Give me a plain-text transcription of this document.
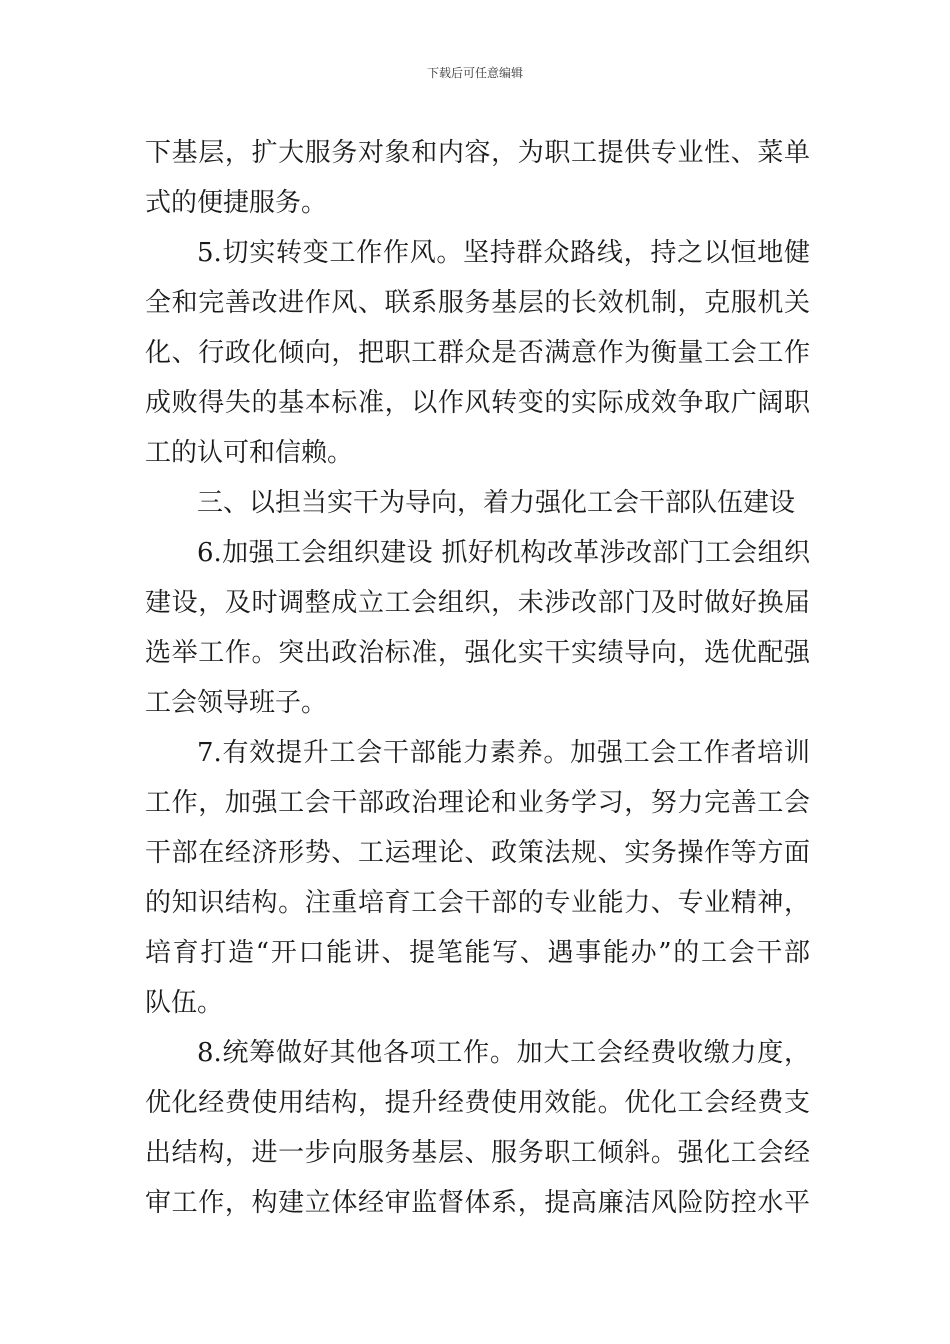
下载后可任意编辑
下基层，扩大服务对象和内容，为职工提供专业性、菜单
式的便捷服务。
5.切实转变工作作风。坚持群众路线，持之以恒地健
全和完善改进作风、联系服务基层的长效机制，克服机关
化、行政化倾向，把职工群众是否满意作为衡量工会工作
成败得失的基本标准，以作风转变的实际成效争取广阔职
工的认可和信赖。
三、以担当实干为导向，着力强化工会干部队伍建设
6.加强工会组织建设 抓好机构改革涉改部门工会组织
建设，及时调整成立工会组织，未涉改部门及时做好换届
选举工作。突出政治标准，强化实干实绩导向，选优配强
工会领导班子。
7.有效提升工会干部能力素养。加强工会工作者培训
工作，加强工会干部政治理论和业务学习，努力完善工会
干部在经济形势、工运理论、政策法规、实务操作等方面
的知识结构。注重培育工会干部的专业能力、专业精神，
培育打造“开口能讲、提笔能写、遇事能办”的工会干部
队伍。
8.统筹做好其他各项工作。加大工会经费收缴力度，
优化经费使用结构，提升经费使用效能。优化工会经费支
出结构，进一步向服务基层、服务职工倾斜。强化工会经
审工作，构建立体经审监督体系，提高廉洁风险防控水平
